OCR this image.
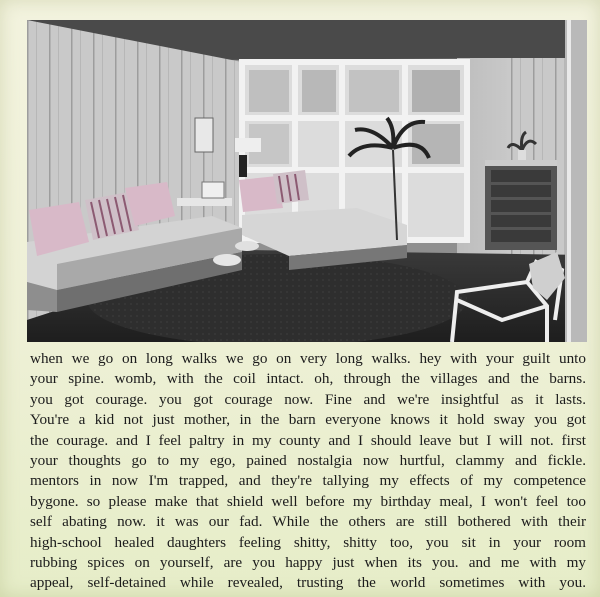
when we go on long walks we go on very long walks. hey with your guilt unto
your spine. womb, with the coil intact. oh, through the villages and the barns.
you got courage. you got courage now. Fine and we're insightful as it lasts.
You're a kid not just mother, in the barn everyone knows it hold sway you got
the courage. and I feel paltry in my county and I should leave but I will not. first
your thoughts go to my ego, pained nostalgia now hurtful, clammy and fickle.
mentors in now I'm trapped, and they're tallying my effects of my competence
bygone. so please make that shield well before my birthday meal, I won't feel too
self abating now. it was our fad. While the others are still bothered with their
high-school healed daughters feeling shitty, shitty too, you sit in your room
rubbing spices on yourself, are you happy just when its you. and me with my
appeal, self-detained while revealed, trusting the world sometimes with you.
